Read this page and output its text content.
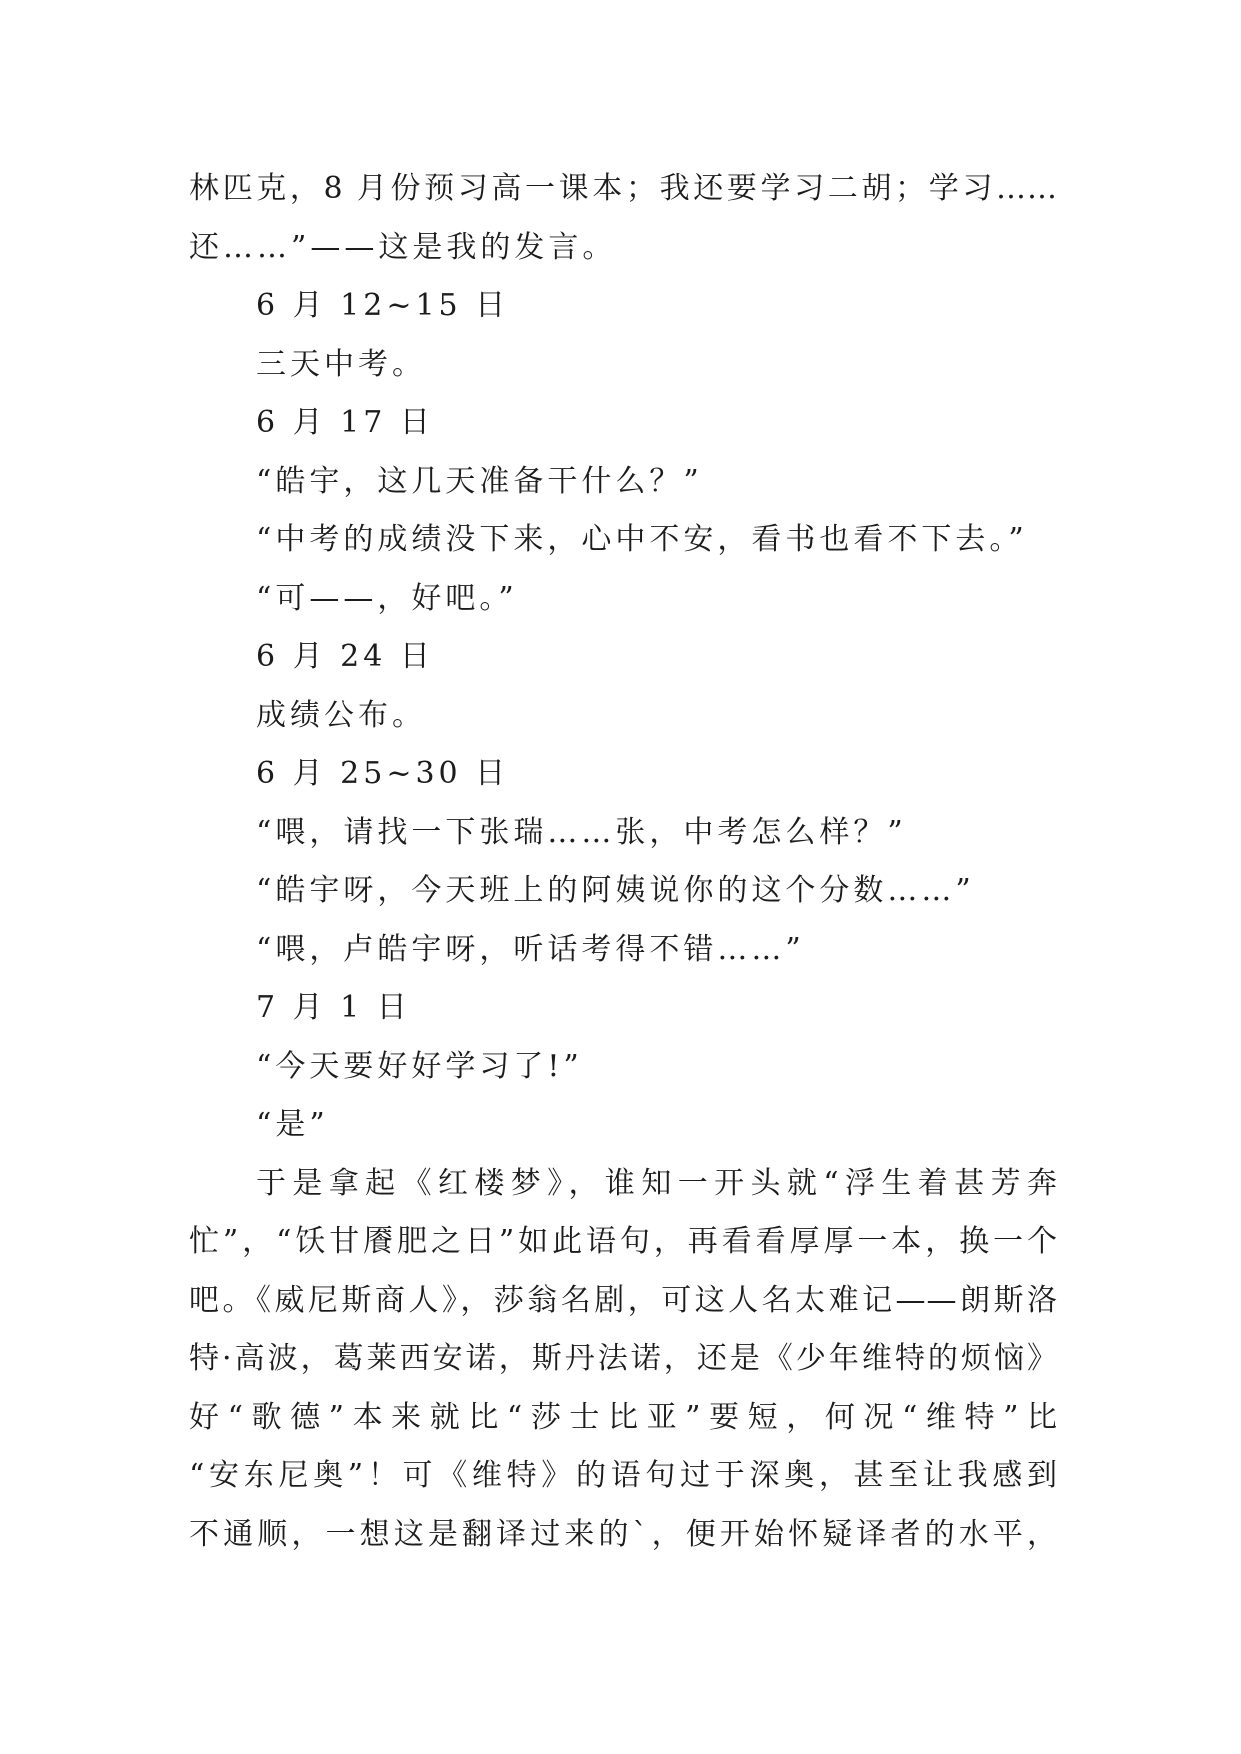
林匹克，8 月份预习高一课本；我还要学习二胡；学习……
还……”——这是我的发言。
6 月 12~15 日
三天中考。
6 月 17 日
“皓宇，这几天准备干什么？”
“中考的成绩没下来，心中不安，看书也看不下去。”
“可——，好吧。”
6 月 24 日
成绩公布。
6 月 25~30 日
“喂，请找一下张瑞……张，中考怎么样？”
“皓宇呀，今天班上的阿姨说你的这个分数……”
“喂，卢皓宇呀，听话考得不错……”
7 月 1 日
“今天要好好学习了!”
“是”
于是拿起《红楼梦》，谁知一开头就“浮生着甚芳奔
忙”，“饫甘餍肥之日”如此语句，再看看厚厚一本，换一个
吧。《威尼斯商人》，莎翁名剧，可这人名太难记——朗斯洛
特·高波，葛莱西安诺，斯丹法诺，还是《少年维特的烦恼》
好“歌德”本来就比“莎士比亚”要短，何况“维特”比
“安东尼奥”！可《维特》的语句过于深奥，甚至让我感到
不通顺，一想这是翻译过来的`，便开始怀疑译者的水平，
